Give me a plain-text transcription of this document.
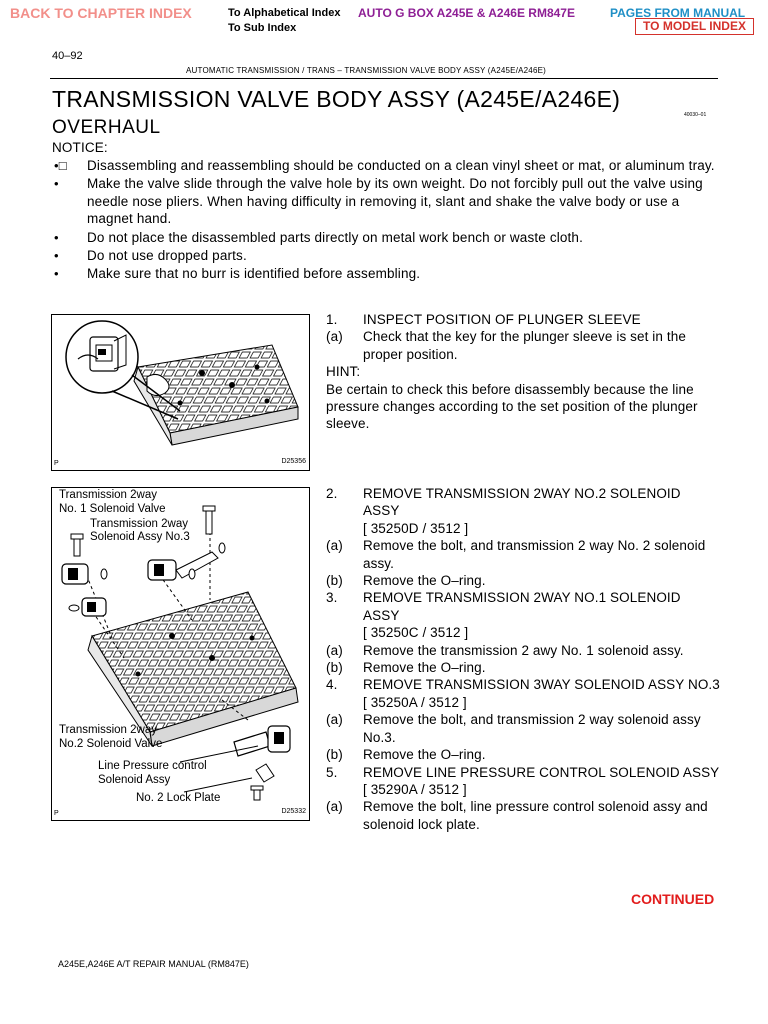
BACK TO CHAPTER INDEX	To Alphabetical Index
To Sub Index
AUTO G BOX A245E & A246E RM847E	PAGES FROM MANUAL
TO MODEL INDEX
40–92
AUTOMATIC TRANSMISSION / TRANS – TRANSMISSION VALVE BODY ASSY (A245E/A246E)
TRANSMISSION VALVE BODY ASSY (A245E/A246E)
40030–01
OVERHAUL
NOTICE:
•□ Disassembling and reassembling should be conducted on a clean vinyl sheet or mat, or aluminum tray.
• Make the valve slide through the valve hole by its own weight. Do not forcibly pull out the valve using needle nose pliers. When having difficulty in removing it, slant and shake the valve body or use a magnet hand.
• Do not place the disassembled parts directly on metal work bench or waste cloth.
• Do not use dropped parts.
• Make sure that no burr is identified before assembling.
P	D25356
Transmission 2way
No. 1 Solenoid Valve
Transmission 2way
Solenoid Assy No.3
Transmission 2way
No.2 Solenoid Valve
Line Pressure control
Solenoid Assy
No. 2 Lock Plate
P	D25332
1. INSPECT POSITION OF PLUNGER SLEEVE
(a) Check that the key for the plunger sleeve is set in the proper position.
HINT:
Be certain to check this before disassembly because the line pressure changes according to the set position of the plunger sleeve.
2. REMOVE TRANSMISSION 2WAY NO.2 SOLENOID ASSY
[ 35250D / 3512 ]
(a) Remove the bolt, and transmission 2 way No. 2 solenoid assy.
(b) Remove the O–ring.
3. REMOVE TRANSMISSION 2WAY NO.1 SOLENOID ASSY
[ 35250C / 3512 ]
(a) Remove the transmission 2 awy No. 1 solenoid assy.
(b) Remove the O–ring.
4. REMOVE TRANSMISSION 3WAY SOLENOID ASSY NO.3
[ 35250A / 3512 ]
(a) Remove the bolt, and transmission 2 way solenoid assy No.3.
(b) Remove the O–ring.
5. REMOVE LINE PRESSURE CONTROL SOLENOID ASSY
[ 35290A / 3512 ]
(a) Remove the bolt, line pressure control solenoid assy and solenoid lock plate.
CONTINUED
A245E,A246E A/T REPAIR MANUAL (RM847E)
